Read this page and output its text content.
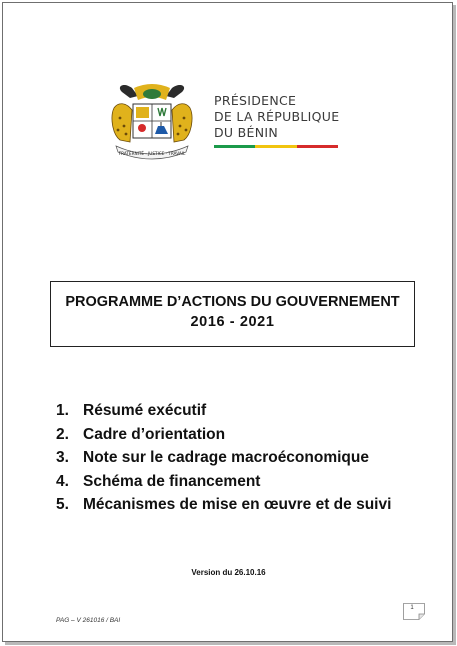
FRATERNITÉ · JUSTICE · TRAVAIL
PRÉSIDENCE
DE LA RÉPUBLIQUE
DU BÉNIN
PROGRAMME D’ACTIONS DU GOUVERNEMENT
2016 - 2021
1. Résumé exécutif
2. Cadre d’orientation
3. Note sur le cadrage macroéconomique
4. Schéma de financement
5. Mécanismes de mise en œuvre et de suivi
Version du 26.10.16
PAG – V 261016 / BAI
1
